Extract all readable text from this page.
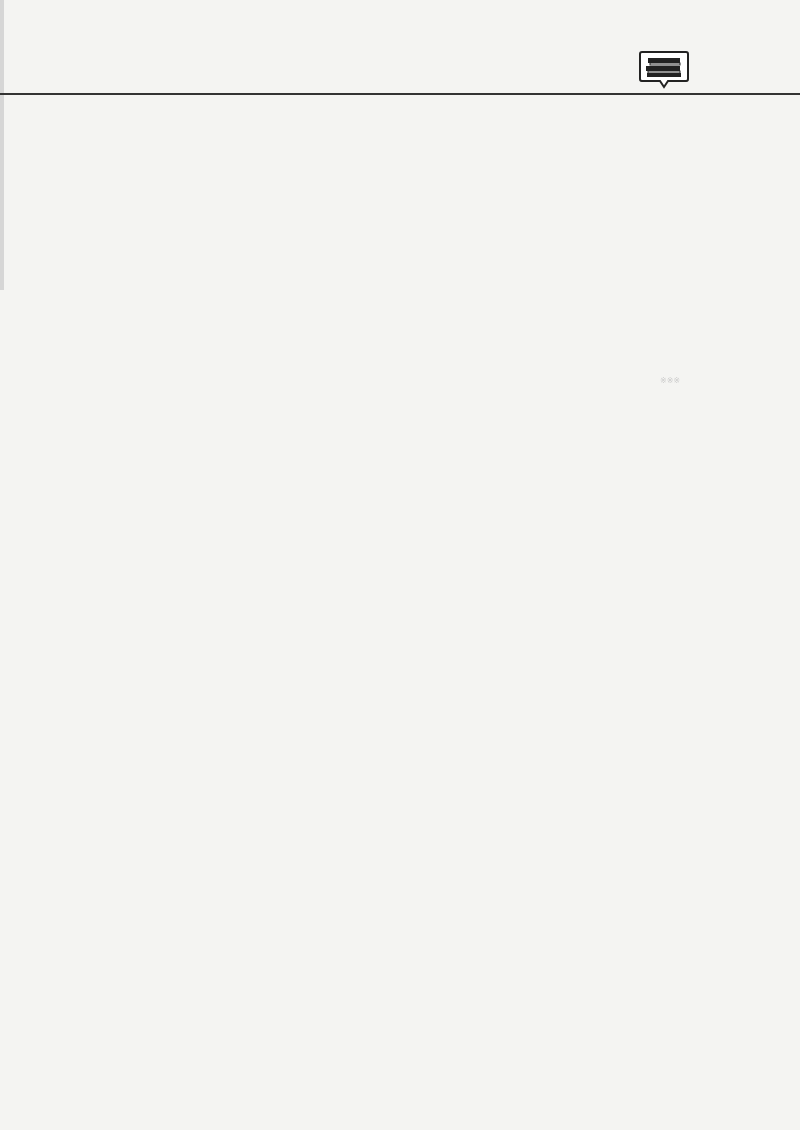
※※※
